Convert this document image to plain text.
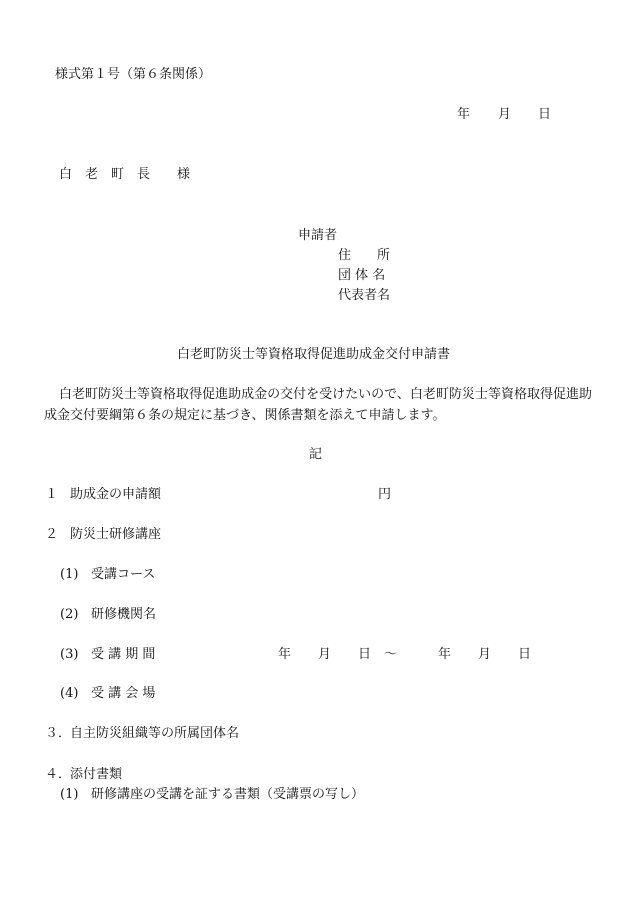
様式第１号（第６条関係）
年 月 日
白　老　町　長 様
申請者
住　　所
団 体 名
代表者名
白老町防災士等資格取得促進助成金交付申請書
白老町防災士等資格取得促進助成金の交付を受けたいので、白老町防災士等資格取得促進助成金交付要綱第６条の規定に基づき、関係書類を添えて申請します。
記
１ 助成金の申請額	円
２ 防災士研修講座
(1) 受講コース
(2) 研修機関名
(3) 受 講 期 間	年 月 日 ～	年 月 日
(4) 受 講 会 場
３．
自主防災組織等の所属団体名
４．
添付書類
(1) 研修講座の受講を証する書類（受講票の写し）
